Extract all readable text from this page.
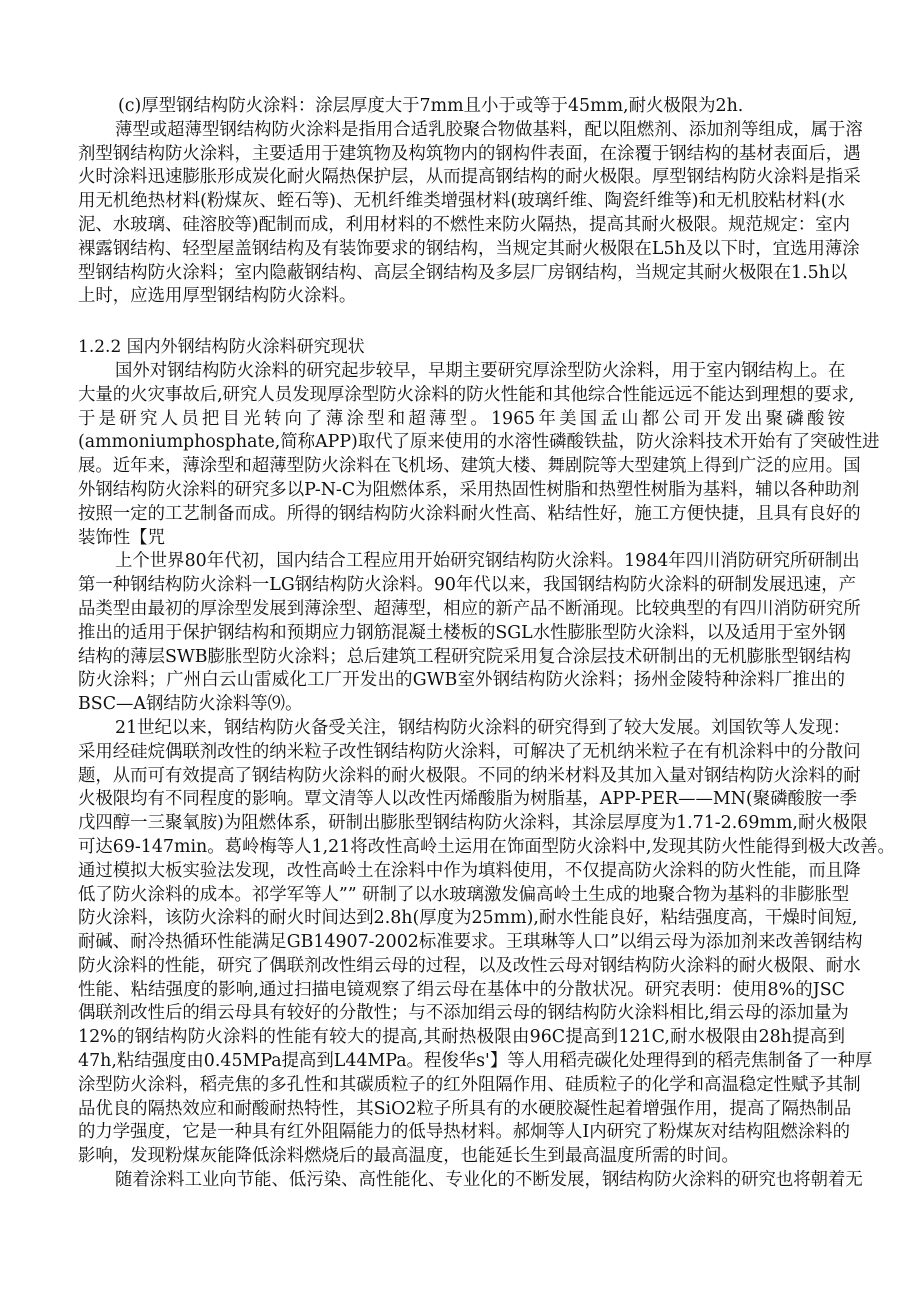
(c)厚型钢结构防火涂料：涂层厚度大于7mm且小于或等于45mm,耐火极限为2h.
薄型或超薄型钢结构防火涂料是指用合适乳胶聚合物做基料，配以阻燃剂、添加剂等组成，属于溶
剂型钢结构防火涂料，主要适用于建筑物及构筑物内的钢构件表面，在涂覆于钢结构的基材表面后，遇
火时涂料迅速膨胀形成炭化耐火隔热保护层，从而提高钢结构的耐火极限。厚型钢结构防火涂料是指采
用无机绝热材料(粉煤灰、蛭石等)、无机纤维类增强材料(玻璃纤维、陶瓷纤维等)和无机胶粘材料(水
泥、水玻璃、硅溶胶等)配制而成，利用材料的不燃性来防火隔热，提高其耐火极限。规范规定：室内
裸露钢结构、轻型屋盖钢结构及有装饰要求的钢结构，当规定其耐火极限在L5h及以下时，宜选用薄涂
型钢结构防火涂料；室内隐蔽钢结构、高层全钢结构及多层厂房钢结构，当规定其耐火极限在1.5h以
上时，应选用厚型钢结构防火涂料。
1.2.2 国内外钢结构防火涂料研究现状
国外对钢结构防火涂料的研究起步较早，早期主要研究厚涂型防火涂料，用于室内钢结构上。在
大量的火灾事故后,研究人员发现厚涂型防火涂料的防火性能和其他综合性能远远不能达到理想的要求,
于是研究人员把目光转向了薄涂型和超薄型。1965年美国孟山都公司开发出聚磷酸铵
(ammoniumphosphate,简称APP)取代了原来使用的水溶性磷酸铁盐，防火涂料技术开始有了突破性进
展。近年来，薄涂型和超薄型防火涂料在飞机场、建筑大楼、舞剧院等大型建筑上得到广泛的应用。国
外钢结构防火涂料的研究多以P-N-C为阻燃体系，采用热固性树脂和热塑性树脂为基料，辅以各种助剂
按照一定的工艺制备而成。所得的钢结构防火涂料耐火性高、粘结性好，施工方便快捷，且具有良好的
装饰性【咒
上个世界80年代初，国内结合工程应用开始研究钢结构防火涂料。1984年四川消防研究所研制出
第一种钢结构防火涂料一LG钢结构防火涂料。90年代以来，我国钢结构防火涂料的研制发展迅速，产
品类型由最初的厚涂型发展到薄涂型、超薄型，相应的新产品不断涌现。比较典型的有四川消防研究所
推出的适用于保护钢结构和预期应力钢筋混凝土楼板的SGL水性膨胀型防火涂料，以及适用于室外钢
结构的薄层SWB膨胀型防火涂料；总后建筑工程研究院采用复合涂层技术研制出的无机膨胀型钢结构
防火涂料；广州白云山雷威化工厂开发出的GWB室外钢结构防火涂料；扬州金陵特种涂料厂推出的
BSC—A钢结防火涂料等⑼。
21世纪以来，钢结构防火备受关注，钢结构防火涂料的研究得到了较大发展。刘国钦等人发现：
采用经硅烷偶联剂改性的纳米粒子改性钢结构防火涂料，可解决了无机纳米粒子在有机涂料中的分散问
题，从而可有效提高了钢结构防火涂料的耐火极限。不同的纳米材料及其加入量对钢结构防火涂料的耐
火极限均有不同程度的影响。覃文清等人以改性丙烯酸脂为树脂基，APP-PER——MN(聚磷酸胺一季
戊四醇一三聚氧胺)为阻燃体系，研制出膨胀型钢结构防火涂料，其涂层厚度为1.71-2.69mm,耐火极限
可达69-147min。葛岭梅等人1,21将改性高岭土运用在饰面型防火涂料中,发现其防火性能得到极大改善。
通过模拟大板实验法发现，改性高岭土在涂料中作为填料使用，不仅提高防火涂料的防火性能，而且降
低了防火涂料的成本。祁学军等人”” 研制了以水玻璃激发偏高岭土生成的地聚合物为基料的非膨胀型
防火涂料，该防火涂料的耐火时间达到2.8h(厚度为25mm),耐水性能良好，粘结强度高，干燥时间短,
耐碱、耐冷热循环性能满足GB14907-2002标准要求。王琪琳等人口”以绢云母为添加剂来改善钢结构
防火涂料的性能，研究了偶联剂改性绢云母的过程，以及改性云母对钢结构防火涂料的耐火极限、耐水
性能、粘结强度的影响,通过扫描电镜观察了绢云母在基体中的分散状况。研究表明：使用8%的JSC
偶联剂改性后的绢云母具有较好的分散性；与不添加绢云母的钢结构防火涂料相比,绢云母的添加量为
12%的钢结构防火涂料的性能有较大的提高,其耐热极限由96C提高到121C,耐水极限由28h提高到
47h,粘结强度由0.45MPa提高到L44MPa。程俊华s'】等人用稻壳碳化处理得到的稻壳焦制备了一种厚
涂型防火涂料，稻壳焦的多孔性和其碳质粒子的红外阻隔作用、硅质粒子的化学和高温稳定性赋予其制
品优良的隔热效应和耐酸耐热特性，其SiO2粒子所具有的水硬胶凝性起着增强作用，提高了隔热制品
的力学强度，它是一种具有红外阻隔能力的低导热材料。郝炯等人I内研究了粉煤灰对结构阻燃涂料的
影响，发现粉煤灰能降低涂料燃烧后的最高温度，也能延长生到最高温度所需的时间。
随着涂料工业向节能、低污染、高性能化、专业化的不断发展，钢结构防火涂料的研究也将朝着无
